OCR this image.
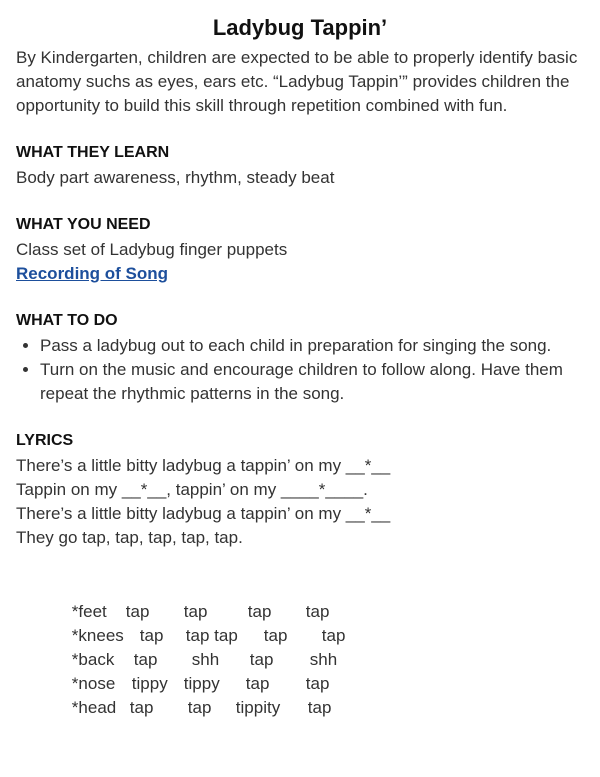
Ladybug Tappin’

By Kindergarten, children are expected to be able to properly identify basic anatomy suchs as eyes, ears etc. “Ladybug Tappin’” provides children the opportunity to build this skill through repetition combined with fun.

WHAT THEY LEARN

Body part awareness, rhythm, steady beat

WHAT YOU NEED

Class set of Ladybug finger puppets

Recording of Song
WHAT TO DO
• Pass a ladybug out to each child in preparation for singing the song.
• Turn on the music and encourage children to follow along. Have them repeat the rhythmic patterns in the song.
LYRICS

There’s a little bitty ladybug a tappin’ on my __*__

Tappin on my __*__, tappin’ on my ____*____.

There’s a little bitty ladybug a tappin’ on my __*__

They go tap, tap, tap, tap, tap.

*feet tap tap tap tap

*knees tap tap tap tap tap

*back tap shh tap shh

*nose tippy tippy tap tap

*head tap tap tippity tap
